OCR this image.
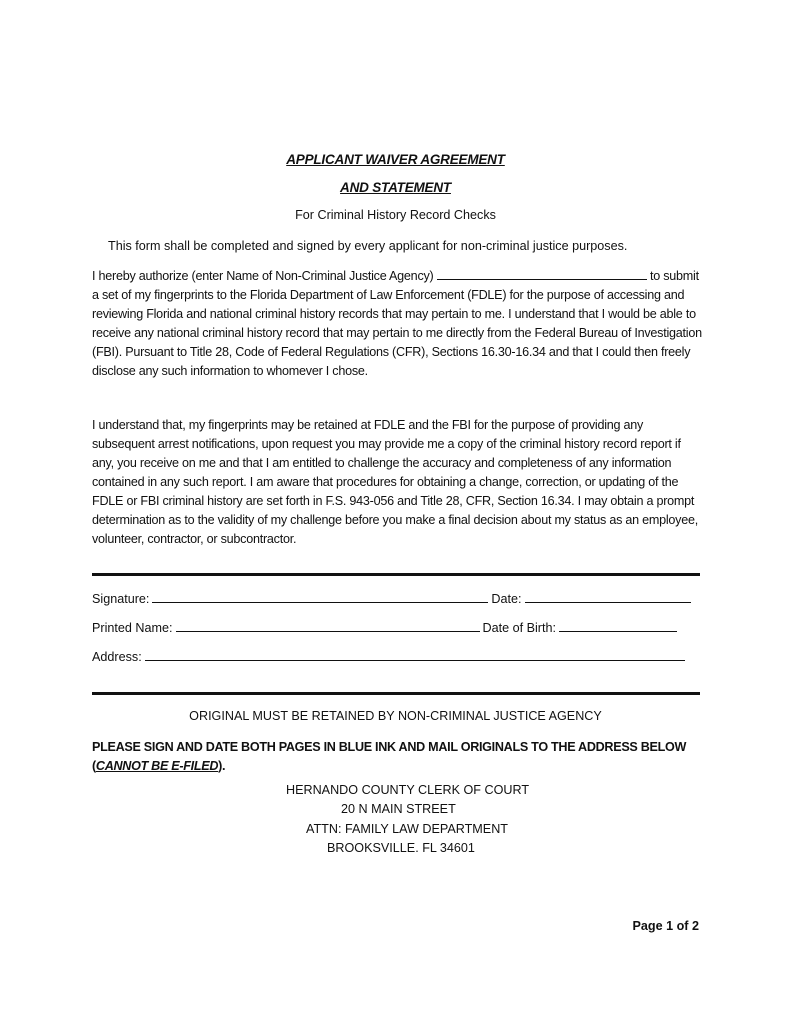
APPLICANT WAIVER AGREEMENT
AND STATEMENT
For Criminal History Record Checks
This form shall be completed and signed by every applicant for non-criminal justice purposes.
I hereby authorize (enter Name of Non-Criminal Justice Agency)	to submit a set of my fingerprints to the Florida Department of Law Enforcement (FDLE) for the purpose of accessing and reviewing Florida and national criminal history records that may pertain to me. I understand that I would be able to receive any national criminal history record that may pertain to me directly from the Federal Bureau of Investigation (FBI). Pursuant to Title 28, Code of Federal Regulations (CFR), Sections 16.30-16.34 and that I could then freely disclose any such information to whomever I chose.
I understand that, my fingerprints may be retained at FDLE and the FBI for the purpose of providing any subsequent arrest notifications, upon request you may provide me a copy of the criminal history record report if any, you receive on me and that I am entitled to challenge the accuracy and completeness of any information contained in any such report. I am aware that procedures for obtaining a change, correction, or updating of the FDLE or FBI criminal history are set forth in F.S. 943-056 and Title 28, CFR, Section 16.34. I may obtain a prompt determination as to the validity of my challenge before you make a final decision about my status as an employee, volunteer, contractor, or subcontractor.
Signature:	Date:
Printed Name:	Date of Birth:
Address:
ORIGINAL MUST BE RETAINED BY NON-CRIMINAL JUSTICE AGENCY
PLEASE SIGN AND DATE BOTH PAGES IN BLUE INK AND MAIL ORIGINALS TO THE ADDRESS BELOW
(CANNOT BE E-FILED).
HERNANDO COUNTY CLERK OF COURT
20 N MAIN STREET
ATTN: FAMILY LAW DEPARTMENT
BROOKSVILLE. FL 34601
Page 1 of 2
